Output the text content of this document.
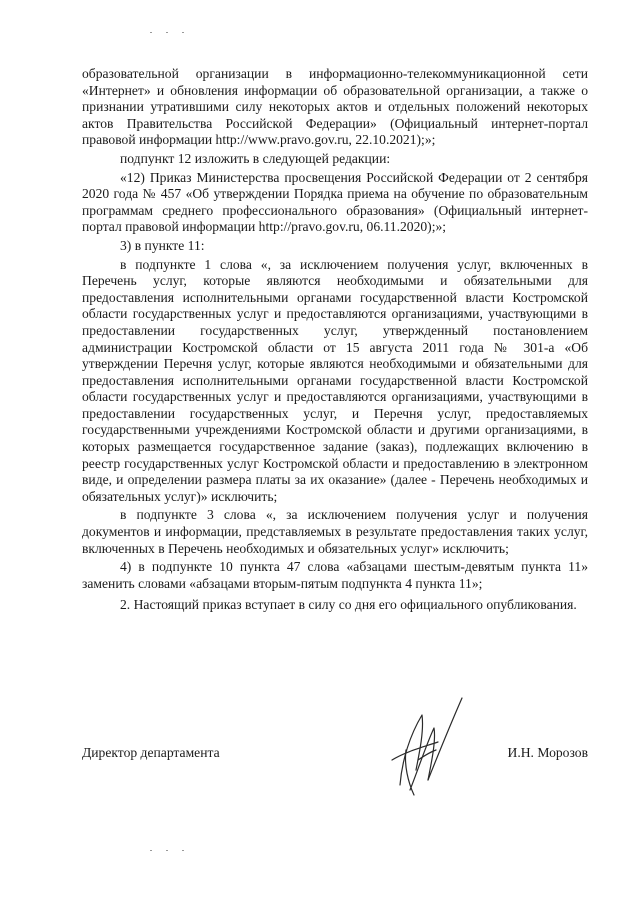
образовательной организации в информационно-телекоммуникационной сети «Интернет» и обновления информации об образовательной организации, а также о признании утратившими силу некоторых актов и отдельных положений некоторых актов Правительства Российской Федерации» (Официальный интернет-портал правовой информации http://www.pravo.gov.ru, 22.10.2021);»;

подпункт 12 изложить в следующей редакции:

«12) Приказ Министерства просвещения Российской Федерации от 2 сентября 2020 года № 457 «Об утверждении Порядка приема на обучение по образовательным программам среднего профессионального образования» (Официальный интернет-портал правовой информации http://pravo.gov.ru, 06.11.2020);»;

3) в пункте 11:

в подпункте 1 слова «, за исключением получения услуг, включенных в Перечень услуг, которые являются необходимыми и обязательными для предоставления исполнительными органами государственной власти Костромской области государственных услуг и предоставляются организациями, участвующими в предоставлении государственных услуг, утвержденный постановлением администрации Костромской области от 15 августа 2011 года № 301-а «Об утверждении Перечня услуг, которые являются необходимыми и обязательными для предоставления исполнительными органами государственной власти Костромской области государственных услуг и предоставляются организациями, участвующими в предоставлении государственных услуг, и Перечня услуг, предоставляемых государственными учреждениями Костромской области и другими организациями, в которых размещается государственное задание (заказ), подлежащих включению в реестр государственных услуг Костромской области и предоставлению в электронном виде, и определении размера платы за их оказание» (далее - Перечень необходимых и обязательных услуг)» исключить;

в подпункте 3 слова «, за исключением получения услуг и получения документов и информации, представляемых в результате предоставления таких услуг, включенных в Перечень необходимых и обязательных услуг» исключить;

4) в подпункте 10 пункта 47 слова «абзацами шестым-девятым пункта 11» заменить словами «абзацами вторым-пятым подпункта 4 пункта 11»;

2. Настоящий приказ вступает в силу со дня его официального опубликования.

Директор департамента	И.Н. Морозов
